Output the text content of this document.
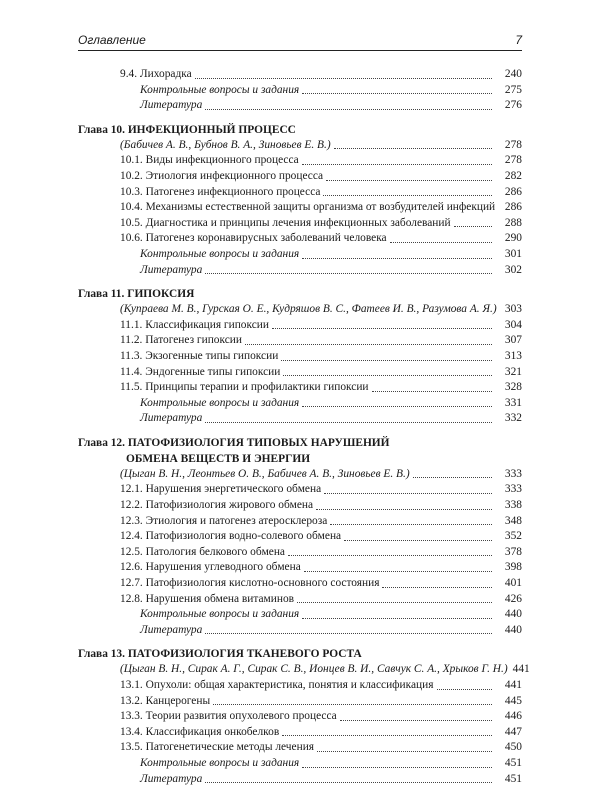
Оглавление	7
9.4. Лихорадка	240
Контрольные вопросы и задания	275
Литература	276
Глава 10. ИНФЕКЦИОННЫЙ ПРОЦЕСС
(Бабичев А. В., Бубнов В. А., Зиновьев Е. В.)	278
10.1. Виды инфекционного процесса	278
10.2. Этиология инфекционного процесса	282
10.3. Патогенез инфекционного процесса	286
10.4. Механизмы естественной защиты организма от возбудителей инфекций 286
10.5. Диагностика и принципы лечения инфекционных заболеваний	288
10.6. Патогенез коронавирусных заболеваний человека	290
Контрольные вопросы и задания	301
Литература	302
Глава 11. ГИПОКСИЯ
(Купраева М. В., Гурская О. Е., Кудряшов В. С., Фатеев И. В., Разумова А. Я.) 303
11.1. Классификация гипоксии	304
11.2. Патогенез гипоксии	307
11.3. Экзогенные типы гипоксии	313
11.4. Эндогенные типы гипоксии	321
11.5. Принципы терапии и профилактики гипоксии	328
Контрольные вопросы и задания	331
Литература	332
Глава 12. ПАТОФИЗИОЛОГИЯ ТИПОВЫХ НАРУШЕНИЙ
ОБМЕНА ВЕЩЕСТВ И ЭНЕРГИИ
(Цыган В. Н., Леонтьев О. В., Бабичев А. В., Зиновьев Е. В.)	333
12.1. Нарушения энергетического обмена	333
12.2. Патофизиология жирового обмена	338
12.3. Этиология и патогенез атеросклероза	348
12.4. Патофизиология водно-солевого обмена	352
12.5. Патология белкового обмена	378
12.6. Нарушения углеводного обмена	398
12.7. Патофизиология кислотно-основного состояния	401
12.8. Нарушения обмена витаминов	426
Контрольные вопросы и задания	440
Литература	440
Глава 13. ПАТОФИЗИОЛОГИЯ ТКАНЕВОГО РОСТА
(Цыган В. Н., Сирак А. Г., Сирак С. В., Ионцев В. И., Савчук С. А., Хрыков Г. Н.) 441
13.1. Опухоли: общая характеристика, понятия и классификация	441
13.2. Канцерогены	445
13.3. Теории развития опухолевого процесса	446
13.4. Классификация онкобелков	447
13.5. Патогенетические методы лечения	450
Контрольные вопросы и задания	451
Литература	451
